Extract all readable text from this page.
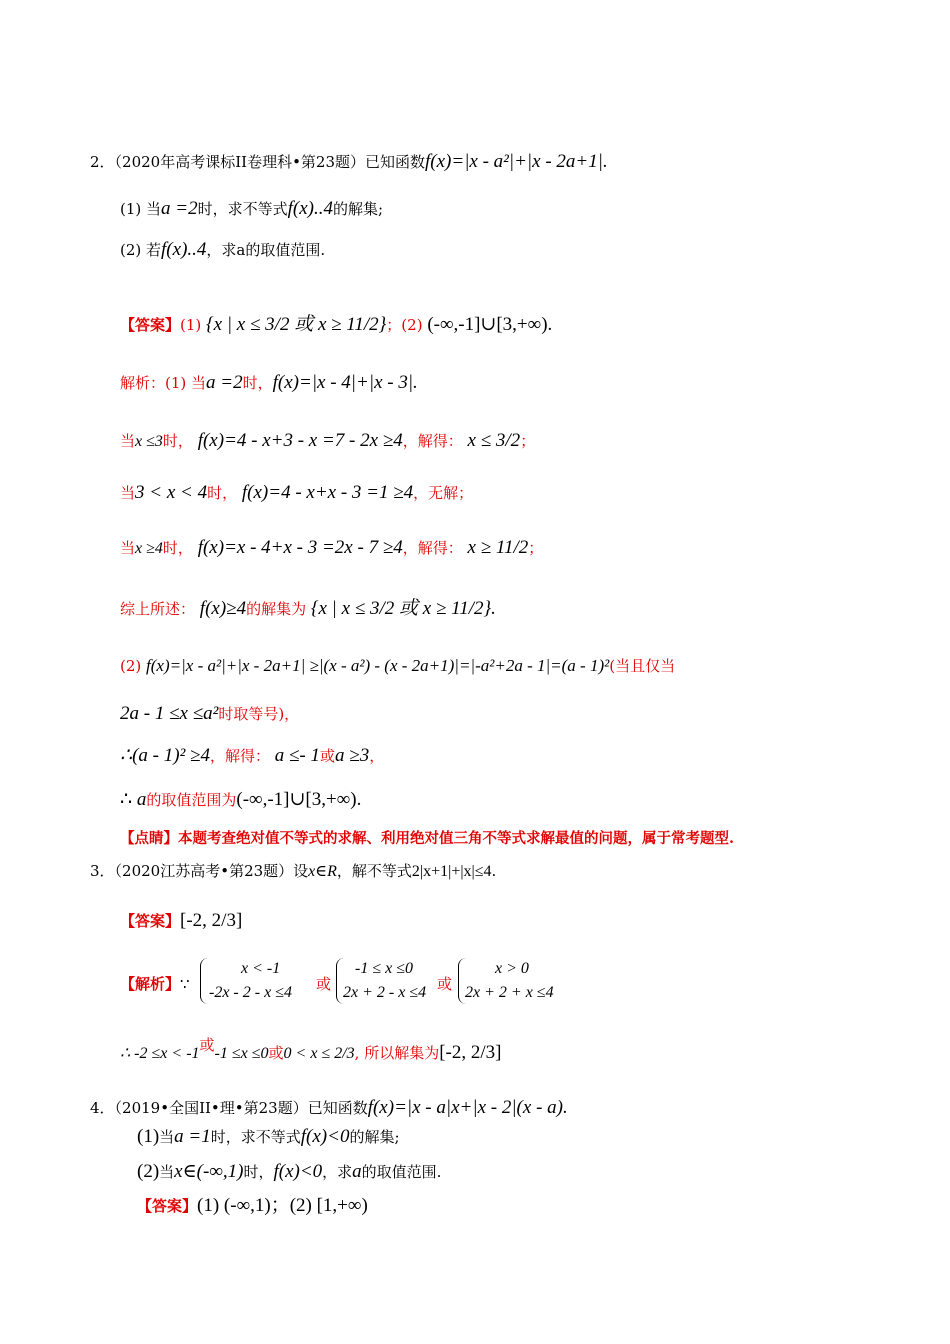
2．（2020年高考课标II卷理科•第23题）已知函数f(x)=|x - a²|+|x - 2a+1|.
(1) 当a =2时，求不等式f(x)..4的解集;
(2) 若f(x)..4，求a的取值范围.
【答案】(1) {x | x ≤ 3/2 或 x ≥ 11/2}；(2) (-∞,-1]∪[3,+∞).
解析：(1) 当a =2时，f(x)=|x - 4|+|x - 3|.
当x ≤3时， f(x)=4 - x+3 - x =7 - 2x ≥4，解得： x ≤ 3/2；
当3 < x < 4时， f(x)=4 - x+x - 3 =1 ≥4，无解；
当x ≥4时， f(x)=x - 4+x - 3 =2x - 7 ≥4，解得： x ≥ 11/2；
综上所述： f(x)≥4的解集为 {x | x ≤ 3/2 或 x ≥ 11/2}.
(2) f(x)=|x - a²|+|x - 2a+1| ≥|(x - a²) - (x - 2a+1)|=|-a²+2a - 1|=(a - 1)²(当且仅当
2a - 1 ≤x ≤a²时取等号)，
∴(a - 1)² ≥4，解得： a ≤- 1或a ≥3，
∴ a的取值范围为(-∞,-1]∪[3,+∞).
【点睛】本题考查绝对值不等式的求解、利用绝对值三角不等式求解最值的问题，属于常考题型.
3．（2020江苏高考•第23题）设x∈R，解不等式2|x+1|+|x|≤4.
【答案】[-2, 2/3]
【解析】∵
x < -1
-2x - 2 - x ≤4 或
-1 ≤ x ≤0
2x + 2 - x ≤4 或
x > 0
2x + 2 + x ≤4
∴ -2 ≤x < -1或-1 ≤x ≤0或0 < x ≤ 2/3, 所以解集为[-2, 2/3]
4．（2019•全国II•理•第23题）已知函数f(x)=|x - a|x+|x - 2|(x - a).
(1)当a =1时，求不等式f(x)<0的解集;
(2)当x∈(-∞,1)时，f(x)<0，求a的取值范围.
【答案】(1) (-∞,1)；(2) [1,+∞)
